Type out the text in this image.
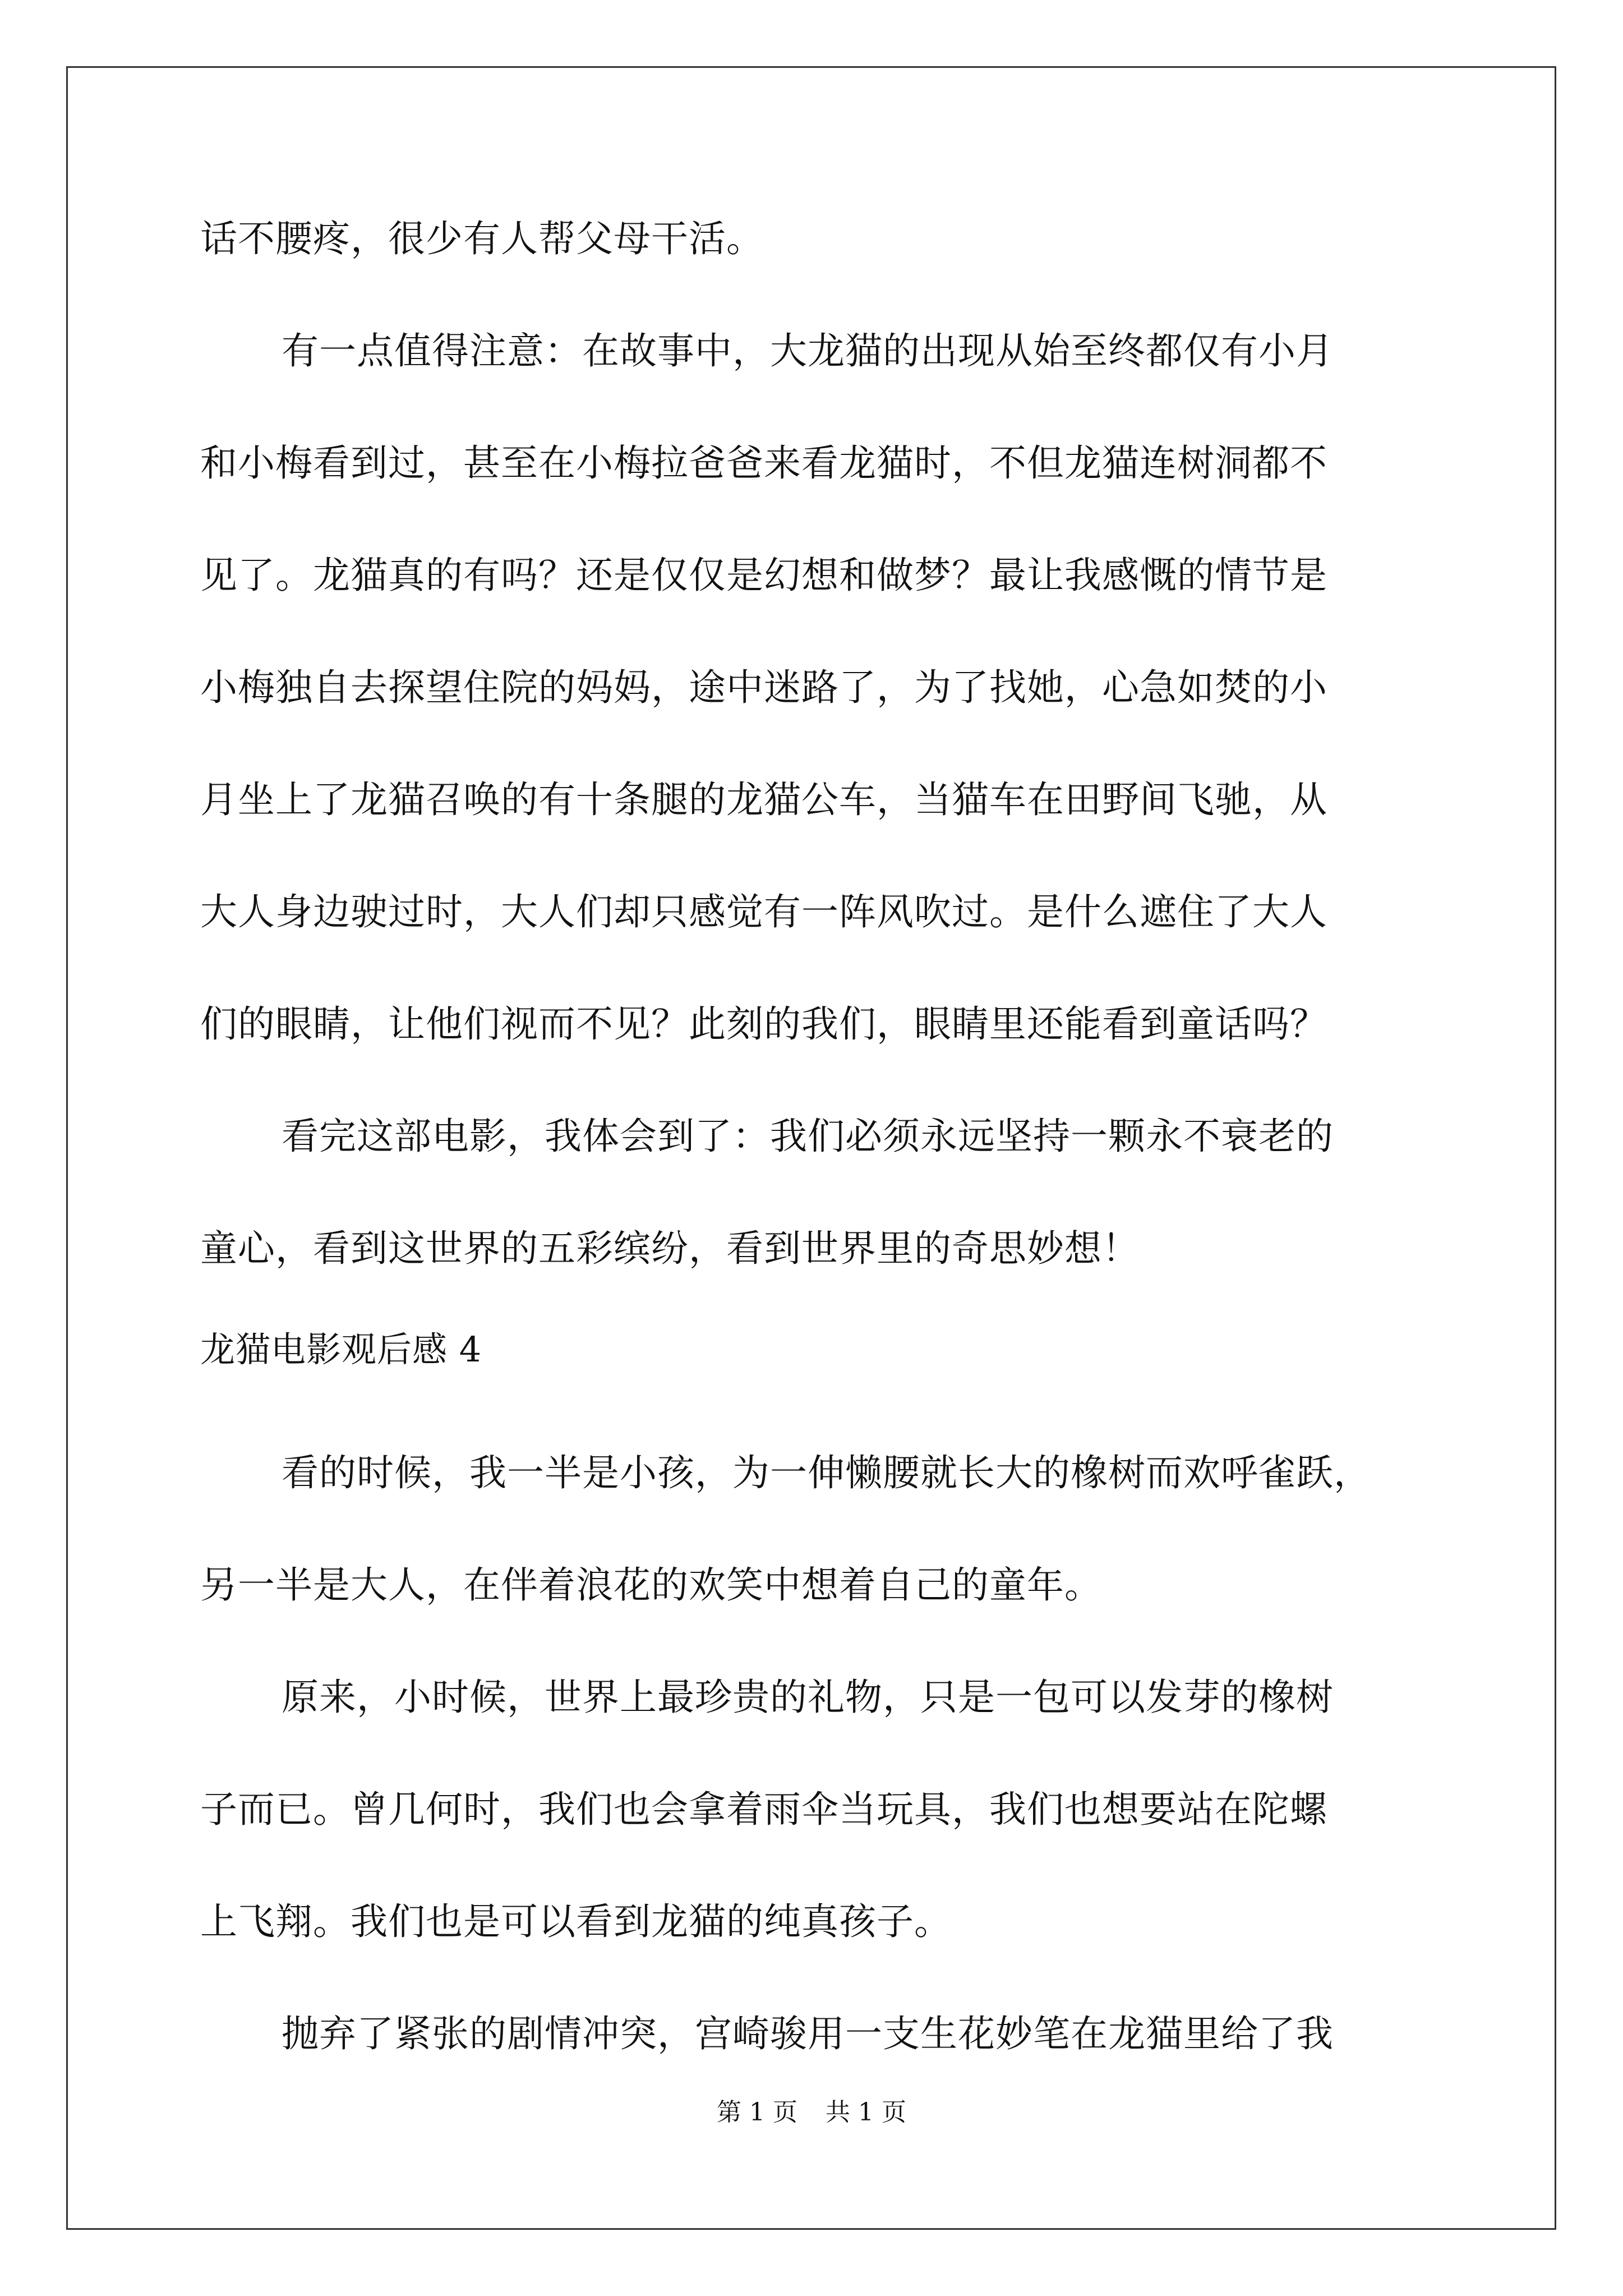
话不腰疼，很少有人帮父母干活。
有一点值得注意：在故事中，大龙猫的出现从始至终都仅有小月
和小梅看到过，甚至在小梅拉爸爸来看龙猫时，不但龙猫连树洞都不
见了。龙猫真的有吗？还是仅仅是幻想和做梦？最让我感慨的情节是
小梅独自去探望住院的妈妈，途中迷路了，为了找她，心急如焚的小
月坐上了龙猫召唤的有十条腿的龙猫公车，当猫车在田野间飞驰，从
大人身边驶过时，大人们却只感觉有一阵风吹过。是什么遮住了大人
们的眼睛，让他们视而不见？此刻的我们，眼睛里还能看到童话吗？
看完这部电影，我体会到了：我们必须永远坚持一颗永不衰老的
童心，看到这世界的五彩缤纷，看到世界里的奇思妙想！
龙猫电影观后感 4
看的时候，我一半是小孩，为一伸懒腰就长大的橡树而欢呼雀跃，
另一半是大人，在伴着浪花的欢笑中想着自己的童年。
原来，小时候，世界上最珍贵的礼物，只是一包可以发芽的橡树
子而已。曾几何时，我们也会拿着雨伞当玩具，我们也想要站在陀螺
上飞翔。我们也是可以看到龙猫的纯真孩子。
抛弃了紧张的剧情冲突，宫崎骏用一支生花妙笔在龙猫里给了我
第 1 页 共 1 页
